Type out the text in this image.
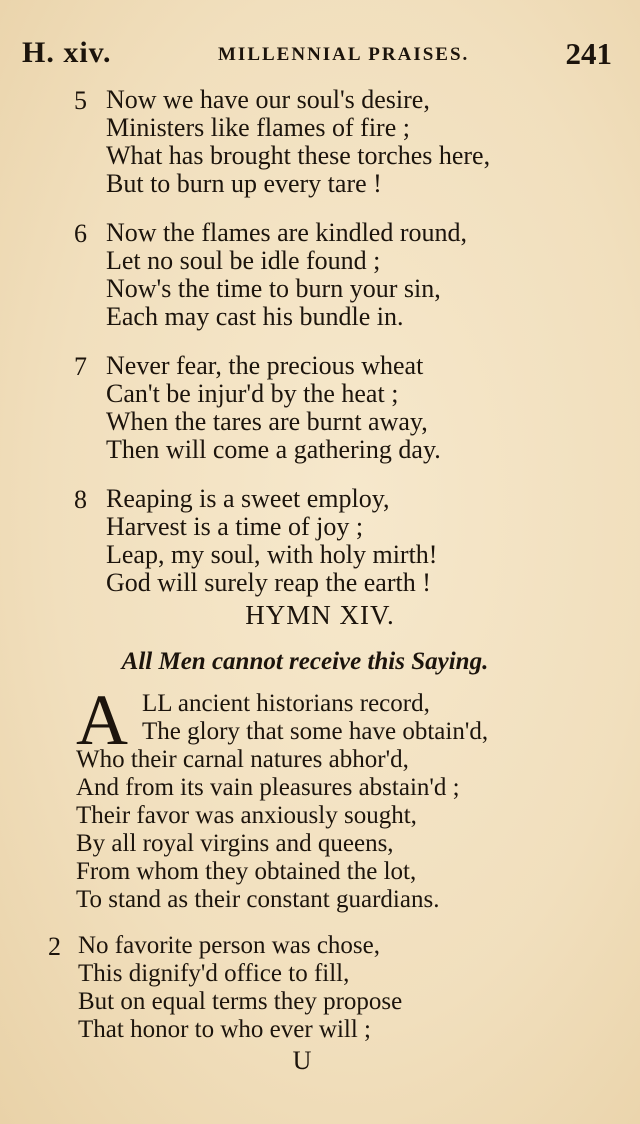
H. xiv.	MILLENNIAL PRAISES.	241
5 Now we have our soul's desire,
Ministers like flames of fire ;
What has brought these torches here,
But to burn up every tare !
6 Now the flames are kindled round,
Let no soul be idle found ;
Now's the time to burn your sin,
Each may cast his bundle in.
7 Never fear, the precious wheat
Can't be injur'd by the heat ;
When the tares are burnt away,
Then will come a gathering day.
8 Reaping is a sweet employ,
Harvest is a time of joy ;
Leap, my soul, with holy mirth!
God will surely reap the earth !
HYMN XIV.
All Men cannot receive this Saying.
A LL ancient historians record,
The glory that some have obtain'd,
Who their carnal natures abhor'd,
And from its vain pleasures abstain'd ;
Their favor was anxiously sought,
By all royal virgins and queens,
From whom they obtained the lot,
To stand as their constant guardians.
2 No favorite person was chose,
This dignify'd office to fill,
But on equal terms they propose
That honor to who ever will ;
U
